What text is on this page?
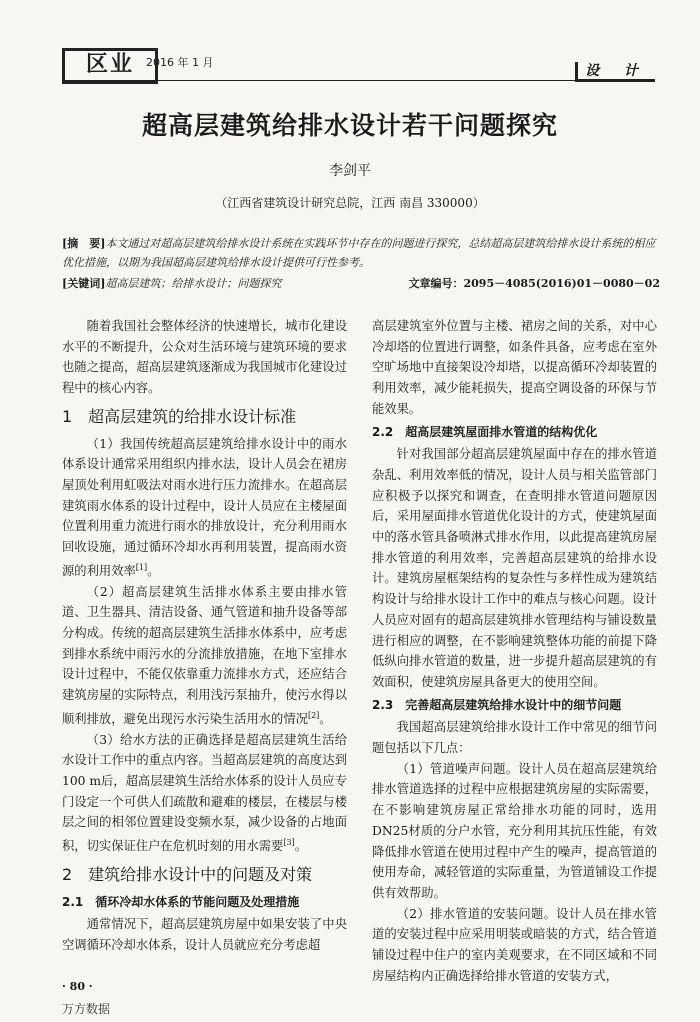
区业	2016 年 1 月
设 计
超高层建筑给排水设计若干问题探究
李剑平
（江西省建筑设计研究总院，江西 南昌 330000）
[摘　要]本文通过对超高层建筑给排水设计系统在实践环节中存在的问题进行探究，总结超高层建筑给排水设计系统的相应优化措施，以期为我国超高层建筑给排水设计提供可行性参考。
[关键词]超高层建筑；给排水设计；问题探究	文章编号：2095－4085(2016)01－0080－02

随着我国社会整体经济的快速增长，城市化建设水平的不断提升，公众对生活环境与建筑环境的要求也随之提高，超高层建筑逐渐成为我国城市化建设过程中的核心内容。

1　超高层建筑的给排水设计标准

（1）我国传统超高层建筑给排水设计中的雨水体系设计通常采用组织内排水法，设计人员会在裙房屋顶处利用虹吸法对雨水进行压力流排水。在超高层建筑雨水体系的设计过程中，设计人员应在主楼屋面位置利用重力流进行雨水的排放设计，充分利用雨水回收设施，通过循环冷却水再利用装置，提高雨水资源的利用效率[1]。

（2）超高层建筑生活排水体系主要由排水管道、卫生器具、清洁设备、通气管道和抽升设备等部分构成。传统的超高层建筑生活排水体系中，应考虑到排水系统中雨污水的分流排放措施，在地下室排水设计过程中，不能仅依靠重力流排水方式，还应结合建筑房屋的实际特点，利用浅污泵抽升，使污水得以顺利排放，避免出现污水污染生活用水的情况[2]。

（3）给水方法的正确选择是超高层建筑生活给水设计工作中的重点内容。当超高层建筑的高度达到100 m后，超高层建筑生活给水体系的设计人员应专门设定一个可供人们疏散和避难的楼层，在楼层与楼层之间的相邻位置建设变频水泵，减少设备的占地面积，切实保证住户在危机时刻的用水需要[3]。

2　建筑给排水设计中的问题及对策
2.1　循环冷却水体系的节能问题及处理措施

通常情况下，超高层建筑房屋中如果安装了中央空调循环冷却水体系，设计人员就应充分考虑超

高层建筑室外位置与主楼、裙房之间的关系，对中心冷却塔的位置进行调整，如条件具备，应考虑在室外空旷场地中直接架设冷却塔，以提高循环冷却装置的利用效率，减少能耗损失，提高空调设备的环保与节能效果。

2.2　超高层建筑屋面排水管道的结构优化

针对我国部分超高层建筑屋面中存在的排水管道杂乱、利用效率低的情况，设计人员与相关监管部门应积极予以探究和调查，在查明排水管道问题原因后，采用屋面排水管道优化设计的方式，使建筑屋面中的落水管具备喷淋式排水作用，以此提高建筑房屋排水管道的利用效率，完善超高层建筑的给排水设计。建筑房屋框架结构的复杂性与多样性成为建筑结构设计与给排水设计工作中的难点与核心问题。设计人员应对固有的超高层建筑排水管理结构与铺设数量进行相应的调整，在不影响建筑整体功能的前提下降低纵向排水管道的数量，进一步提升超高层建筑的有效面积，使建筑房屋具备更大的使用空间。

2.3　完善超高层建筑给排水设计中的细节问题

我国超高层建筑给排水设计工作中常见的细节问题包括以下几点：

（1）管道噪声问题。设计人员在超高层建筑给排水管道选择的过程中应根据建筑房屋的实际需要，在不影响建筑房屋正常给排水功能的同时，选用DN25材质的分户水管，充分利用其抗压性能，有效降低排水管道在使用过程中产生的噪声，提高管道的使用寿命，减轻管道的实际重量，为管道铺设工作提供有效帮助。

（2）排水管道的安装问题。设计人员在排水管道的安装过程中应采用明装或暗装的方式，结合管道铺设过程中住户的室内美观要求，在不同区域和不同房屋结构内正确选择给排水管道的安装方式，

· 80 ·
万方数据
